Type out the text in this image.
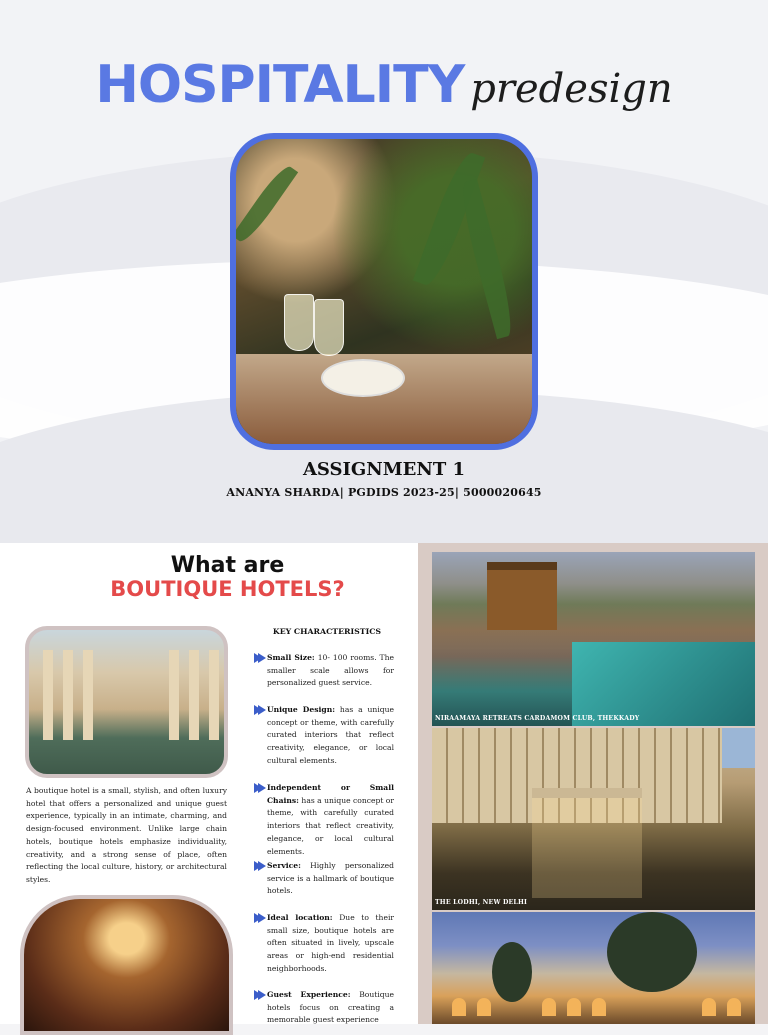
HOSPITALITY predesign
ASSIGNMENT 1
ANANYA SHARDA| PGDIDS 2023-25| 5000020645
What are
BOUTIQUE HOTELS?
A boutique hotel is a small, stylish, and often luxury hotel that offers a personalized and unique guest experience, typically in an intimate, charming, and design-focused environment. Unlike large chain hotels, boutique hotels emphasize individuality, creativity, and a strong sense of place, often reflecting the local culture, history, or architectural styles.
KEY CHARACTERISTICS
Small Size: 10- 100 rooms. The smaller scale allows for personalized guest service.
Unique Design: has a unique concept or theme, with carefully curated interiors that reflect creativity, elegance, or local cultural elements.
Independent or Small Chains: has a unique concept or theme, with carefully curated interiors that reflect creativity, elegance, or local cultural elements.
Service: Highly personalized service is a hallmark of boutique hotels.
Ideal location: Due to their small size, boutique hotels are often situated in lively, upscale areas or high-end residential neighborhoods.
Guest Experience: Boutique hotels focus on creating a memorable guest experience
NIRAAMAYA RETREATS CARDAMOM CLUB, THEKKADY
THE LODHI, NEW DELHI
